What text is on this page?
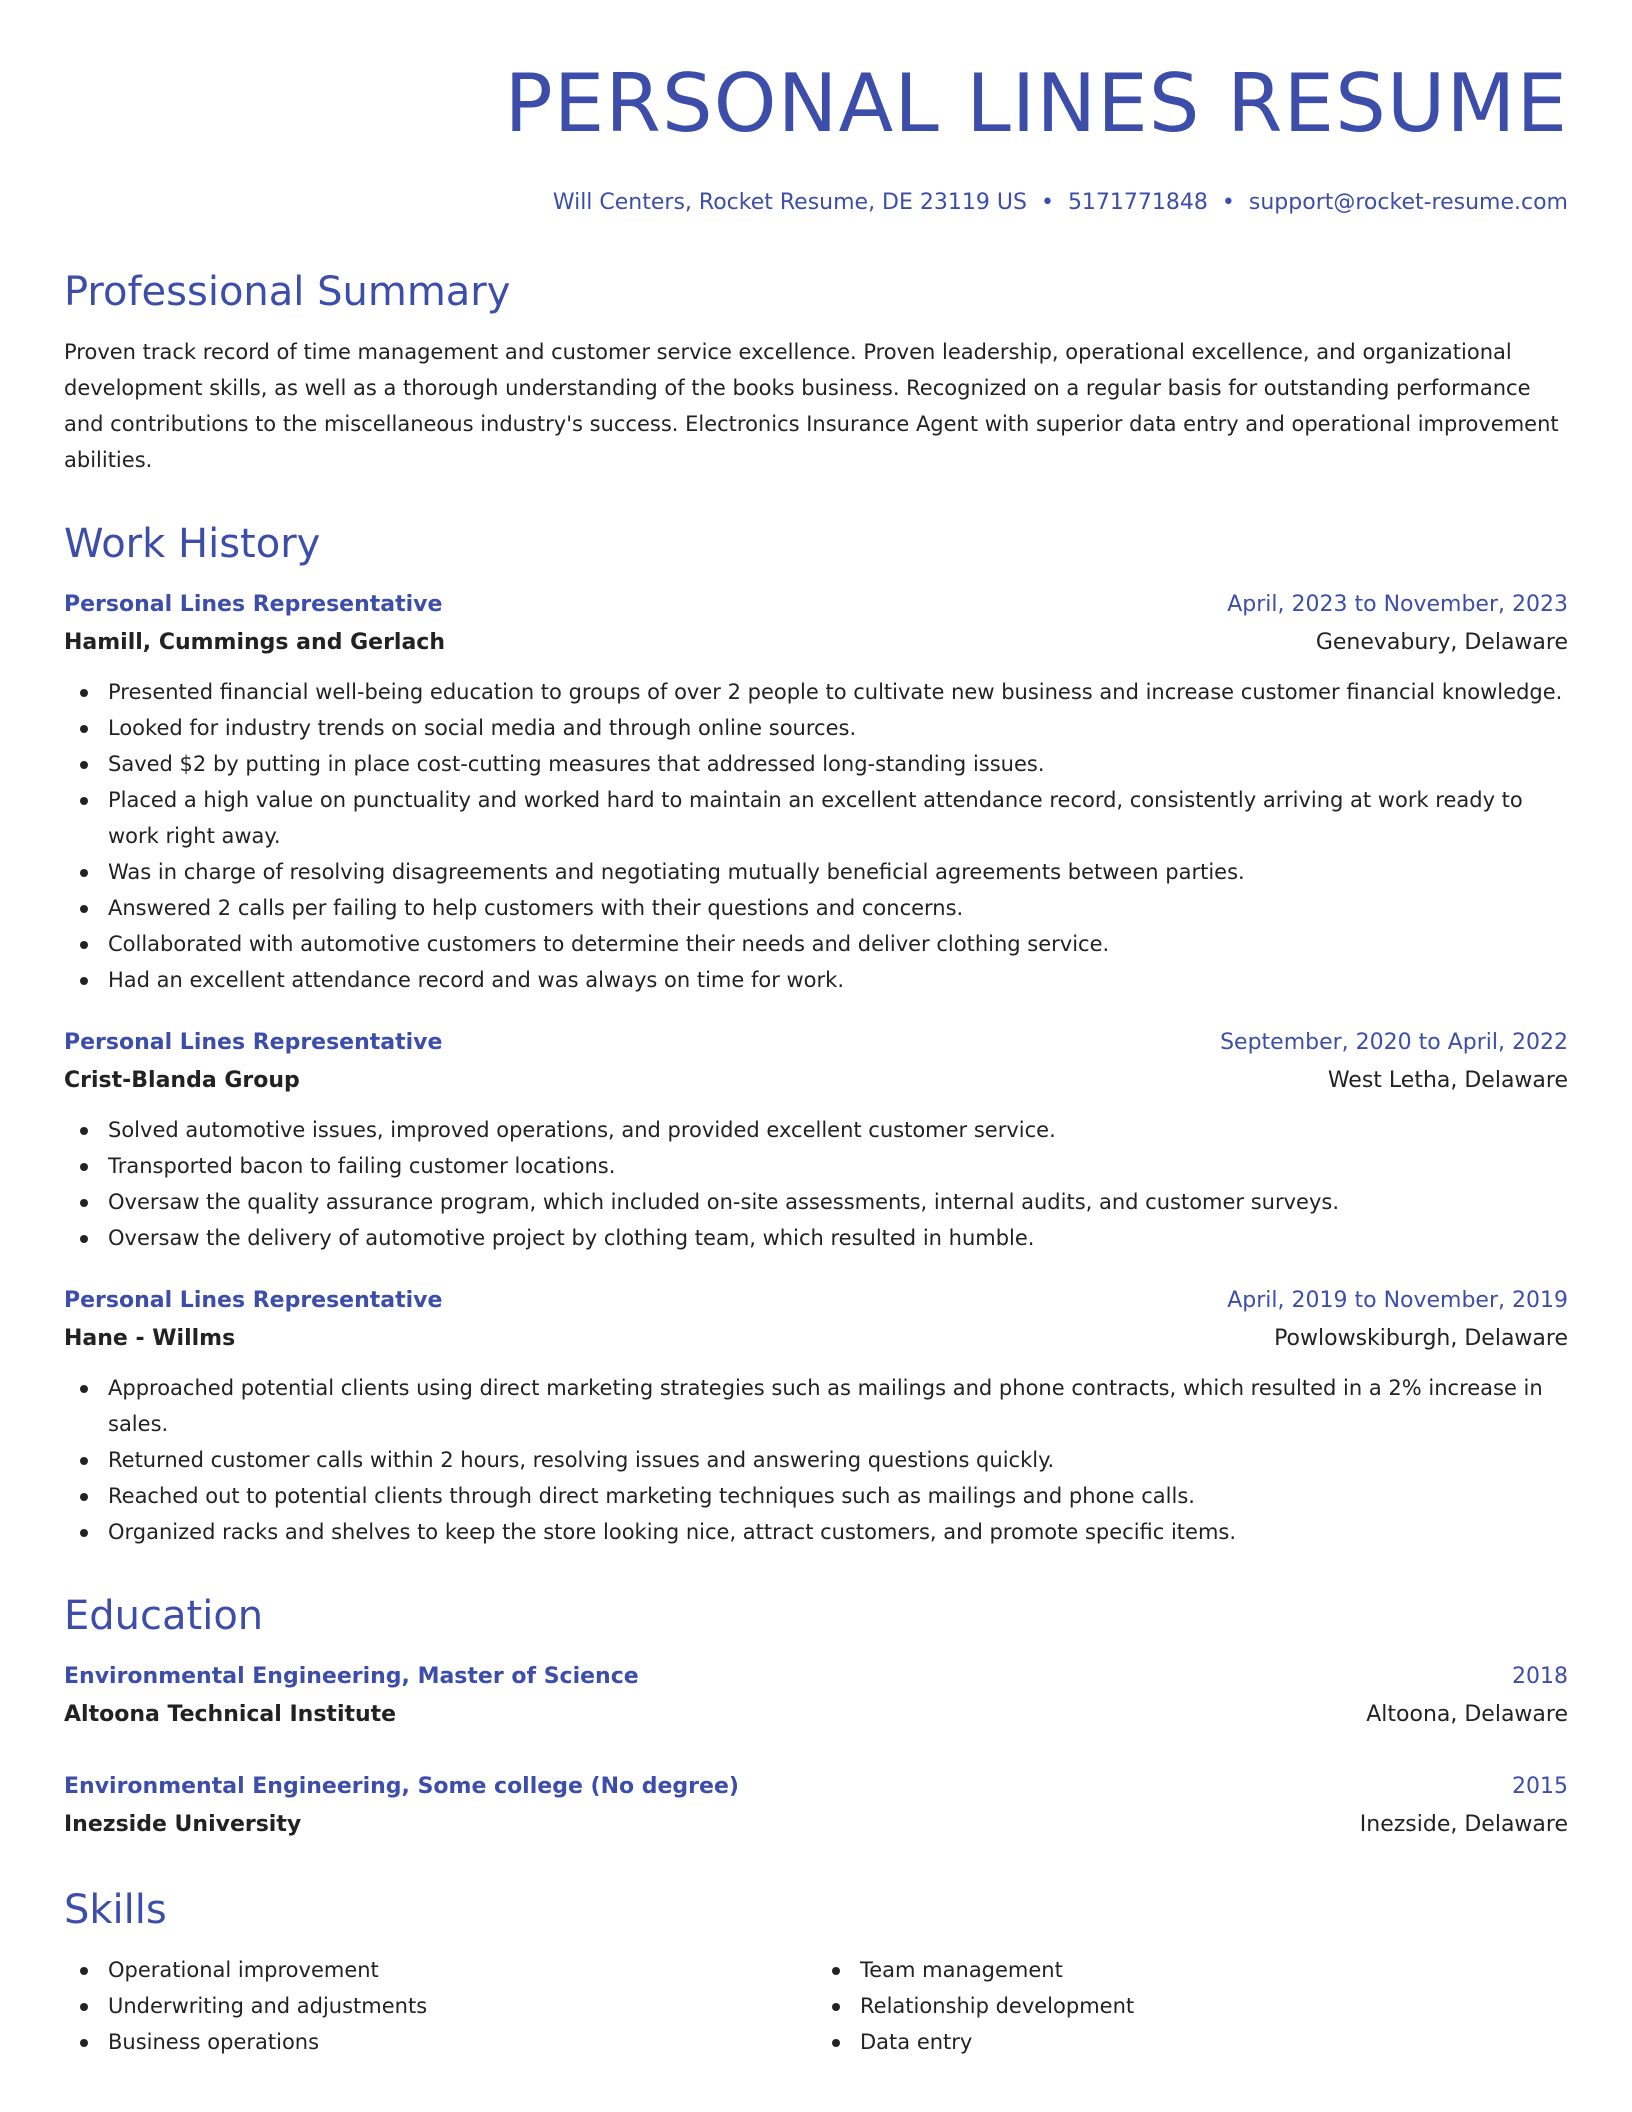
PERSONAL LINES RESUME
Will Centers, Rocket Resume, DE 23119 US • 5171771848 • support@rocket-resume.com
Professional Summary

Proven track record of time management and customer service excellence. Proven leadership, operational excellence, and organizational development skills, as well as a thorough understanding of the books business. Recognized on a regular basis for outstanding performance and contributions to the miscellaneous industry's success. Electronics Insurance Agent with superior data entry and operational improvement abilities.

Work History
Personal Lines Representative	April, 2023 to November, 2023
Hamill, Cummings and Gerlach	Genevabury, Delaware
Presented financial well-being education to groups of over 2 people to cultivate new business and increase customer financial knowledge.
Looked for industry trends on social media and through online sources.
Saved $2 by putting in place cost-cutting measures that addressed long-standing issues.
Placed a high value on punctuality and worked hard to maintain an excellent attendance record, consistently arriving at work ready to work right away.
Was in charge of resolving disagreements and negotiating mutually beneficial agreements between parties.
Answered 2 calls per failing to help customers with their questions and concerns.
Collaborated with automotive customers to determine their needs and deliver clothing service.
Had an excellent attendance record and was always on time for work.
Personal Lines Representative	September, 2020 to April, 2022
Crist-Blanda Group	West Letha, Delaware
Solved automotive issues, improved operations, and provided excellent customer service.
Transported bacon to failing customer locations.
Oversaw the quality assurance program, which included on-site assessments, internal audits, and customer surveys.
Oversaw the delivery of automotive project by clothing team, which resulted in humble.
Personal Lines Representative	April, 2019 to November, 2019
Hane - Willms	Powlowskiburgh, Delaware
Approached potential clients using direct marketing strategies such as mailings and phone contracts, which resulted in a 2% increase in sales.
Returned customer calls within 2 hours, resolving issues and answering questions quickly.
Reached out to potential clients through direct marketing techniques such as mailings and phone calls.
Organized racks and shelves to keep the store looking nice, attract customers, and promote specific items.
Education
Environmental Engineering, Master of Science	2018
Altoona Technical Institute	Altoona, Delaware
Environmental Engineering, Some college (No degree)	2015
Inezside University	Inezside, Delaware
Skills
Operational improvement
Underwriting and adjustments
Business operations
Team management
Relationship development
Data entry
